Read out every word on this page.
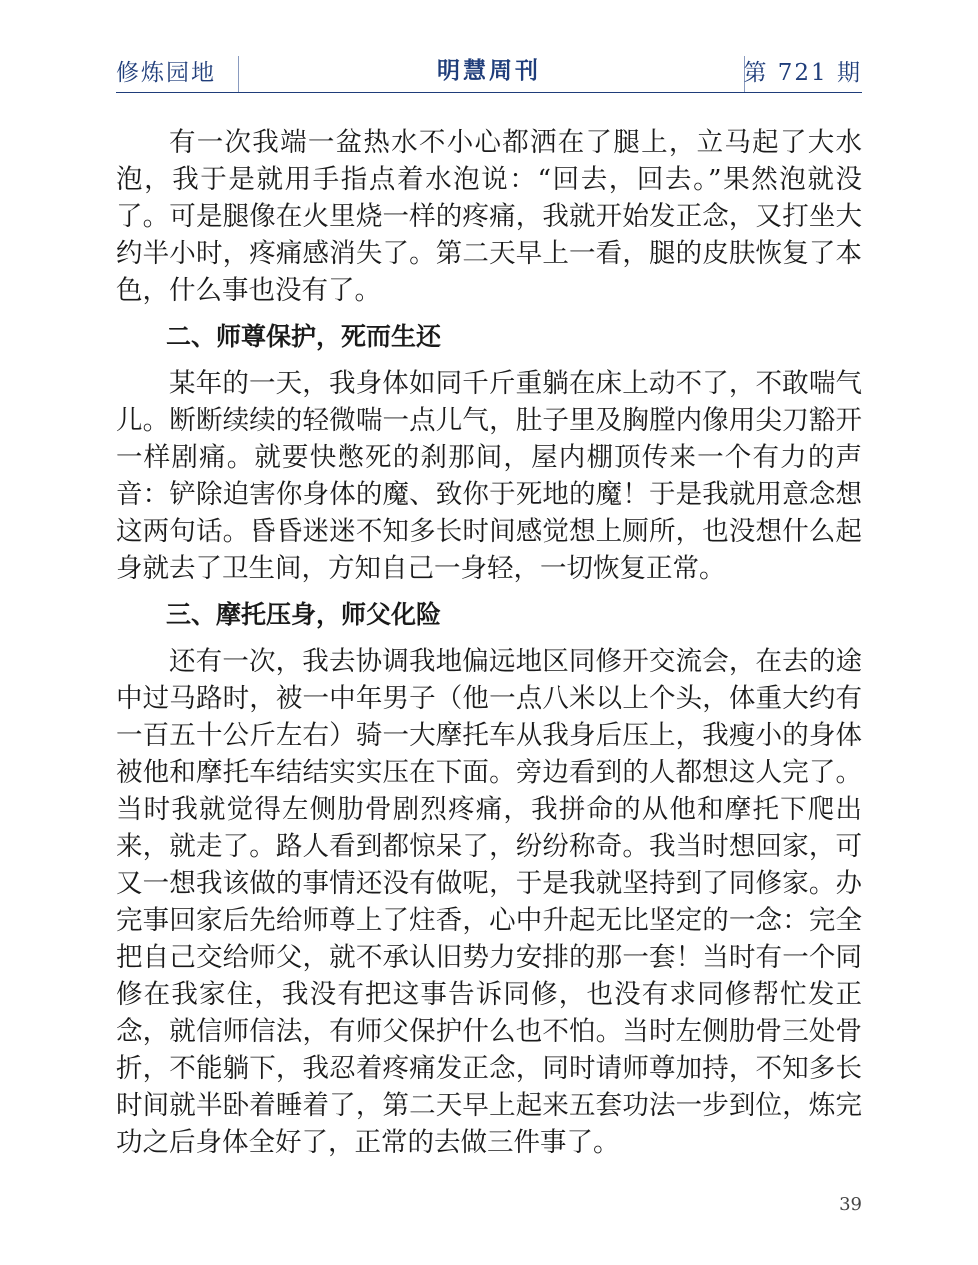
修炼园地	明慧周刊	第 721 期

有一次我端一盆热水不小心都洒在了腿上，立马起了大水泡，我于是就用手指点着水泡说：“回去，回去。”果然泡就没了。可是腿像在火里烧一样的疼痛，我就开始发正念，又打坐大约半小时，疼痛感消失了。第二天早上一看，腿的皮肤恢复了本色，什么事也没有了。

二、师尊保护，死而生还

某年的一天，我身体如同千斤重躺在床上动不了，不敢喘气儿。断断续续的轻微喘一点儿气，肚子里及胸膛内像用尖刀豁开一样剧痛。就要快憋死的刹那间，屋内棚顶传来一个有力的声音：铲除迫害你身体的魔、致你于死地的魔！于是我就用意念想这两句话。昏昏迷迷不知多长时间感觉想上厕所，也没想什么起身就去了卫生间，方知自己一身轻，一切恢复正常。

三、摩托压身，师父化险

还有一次，我去协调我地偏远地区同修开交流会，在去的途中过马路时，被一中年男子（他一点八米以上个头，体重大约有一百五十公斤左右）骑一大摩托车从我身后压上，我瘦小的身体被他和摩托车结结实实压在下面。旁边看到的人都想这人完了。当时我就觉得左侧肋骨剧烈疼痛，我拼命的从他和摩托下爬出来，就走了。路人看到都惊呆了，纷纷称奇。我当时想回家，可又一想我该做的事情还没有做呢，于是我就坚持到了同修家。办完事回家后先给师尊上了炷香，心中升起无比坚定的一念：完全把自己交给师父，就不承认旧势力安排的那一套！当时有一个同修在我家住，我没有把这事告诉同修，也没有求同修帮忙发正念，就信师信法，有师父保护什么也不怕。当时左侧肋骨三处骨折，不能躺下，我忍着疼痛发正念，同时请师尊加持，不知多长时间就半卧着睡着了，第二天早上起来五套功法一步到位，炼完功之后身体全好了，正常的去做三件事了。

39
